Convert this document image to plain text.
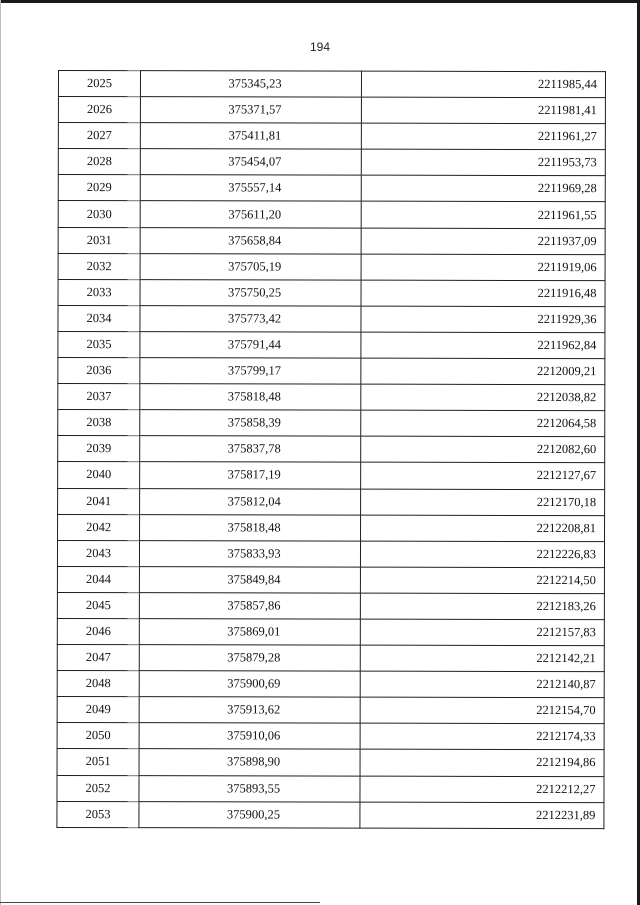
194
2025	375345,23	2211985,44
2026	375371,57	2211981,41
2027	375411,81	2211961,27
2028	375454,07	2211953,73
2029	375557,14	2211969,28
2030	375611,20	2211961,55
2031	375658,84	2211937,09
2032	375705,19	2211919,06
2033	375750,25	2211916,48
2034	375773,42	2211929,36
2035	375791,44	2211962,84
2036	375799,17	2212009,21
2037	375818,48	2212038,82
2038	375858,39	2212064,58
2039	375837,78	2212082,60
2040	375817,19	2212127,67
2041	375812,04	2212170,18
2042	375818,48	2212208,81
2043	375833,93	2212226,83
2044	375849,84	2212214,50
2045	375857,86	2212183,26
2046	375869,01	2212157,83
2047	375879,28	2212142,21
2048	375900,69	2212140,87
2049	375913,62	2212154,70
2050	375910,06	2212174,33
2051	375898,90	2212194,86
2052	375893,55	2212212,27
2053	375900,25	2212231,89
